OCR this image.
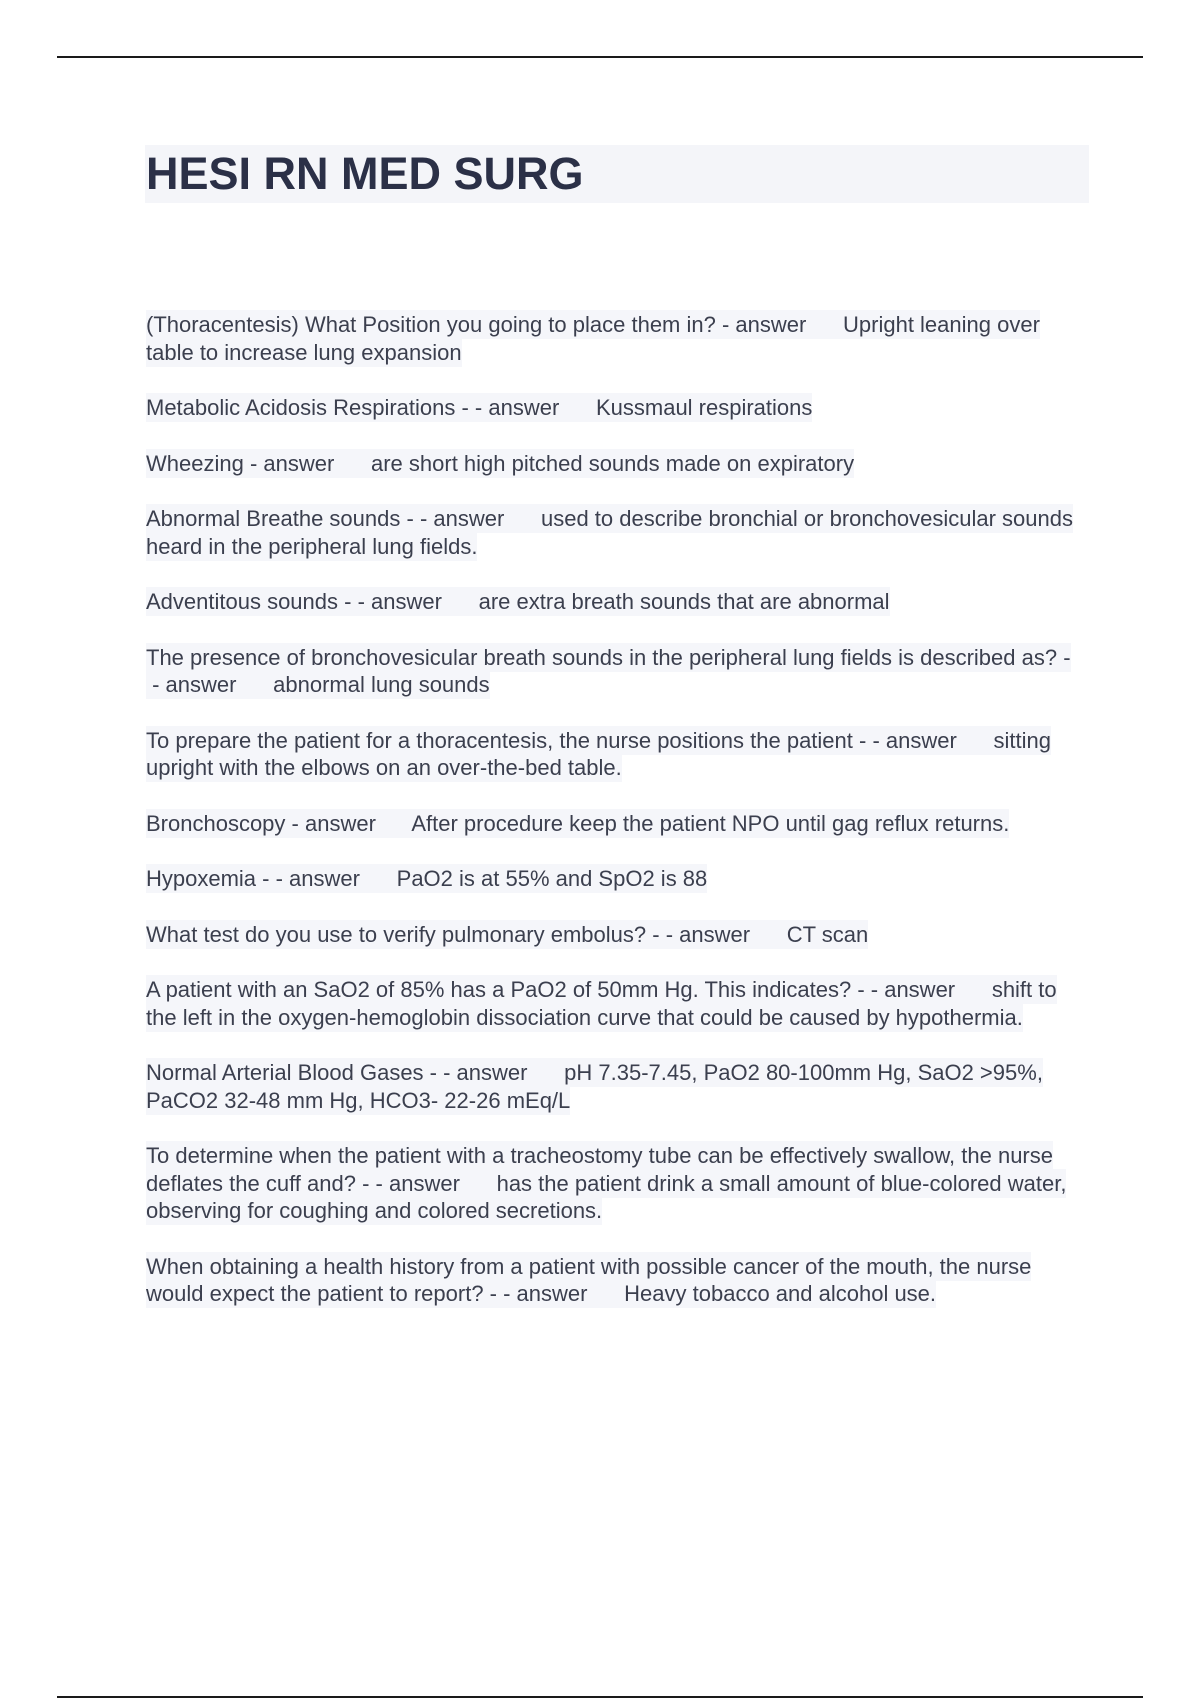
HESI RN MED SURG
(Thoracentesis) What Position you going to place them in? - answer      Upright leaning over table to increase lung expansion
Metabolic Acidosis Respirations - - answer      Kussmaul respirations
Wheezing - answer      are short high pitched sounds made on expiratory
Abnormal Breathe sounds - - answer      used to describe bronchial or bronchovesicular sounds heard in the peripheral lung fields.
Adventitous sounds - - answer      are extra breath sounds that are abnormal
The presence of bronchovesicular breath sounds in the peripheral lung fields is described as? - - answer      abnormal lung sounds
To prepare the patient for a thoracentesis, the nurse positions the patient - - answer      sitting upright with the elbows on an over-the-bed table.
Bronchoscopy - answer      After procedure keep the patient NPO until gag reflux returns.
Hypoxemia - - answer      PaO2 is at 55% and SpO2 is 88
What test do you use to verify pulmonary embolus? - - answer      CT scan
A patient with an SaO2 of 85% has a PaO2 of 50mm Hg. This indicates? - - answer      shift to the left in the oxygen-hemoglobin dissociation curve that could be caused by hypothermia.
Normal Arterial Blood Gases - - answer      pH 7.35-7.45, PaO2 80-100mm Hg, SaO2 >95%, PaCO2 32-48 mm Hg, HCO3- 22-26 mEq/L
To determine when the patient with a tracheostomy tube can be effectively swallow, the nurse deflates the cuff and? - - answer      has the patient drink a small amount of blue-colored water, observing for coughing and colored secretions.
When obtaining a health history from a patient with possible cancer of the mouth, the nurse would expect the patient to report? - - answer      Heavy tobacco and alcohol use.
